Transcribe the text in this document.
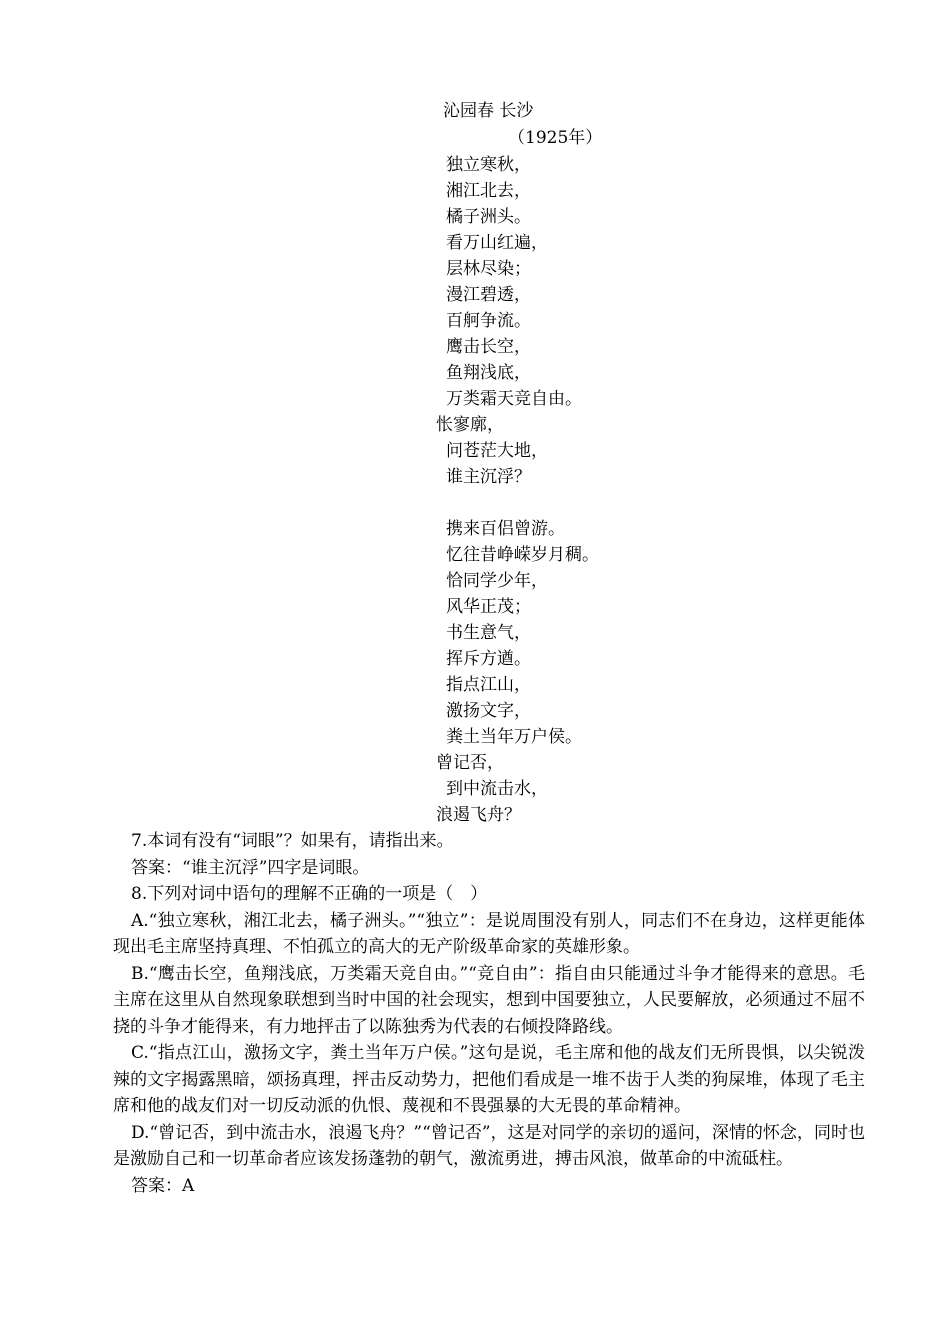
沁园春 长沙
（1925年）
独立寒秋，
湘江北去，
橘子洲头。
看万山红遍，
层林尽染；
漫江碧透，
百舸争流。
鹰击长空，
鱼翔浅底，
万类霜天竞自由。
怅寥廓，
问苍茫大地，
谁主沉浮？
携来百侣曾游。
忆往昔峥嵘岁月稠。
恰同学少年，
风华正茂；
书生意气，
挥斥方遒。
指点江山，
激扬文字，
粪土当年万户侯。
曾记否，
到中流击水，
浪遏飞舟？

7.本词有没有“词眼”？如果有，请指出来。

答案：“谁主沉浮”四字是词眼。

8.下列对词中语句的理解不正确的一项是（　）

A.“独立寒秋，湘江北去，橘子洲头。”“独立”：是说周围没有别人，同志们不在身边，这样更能体现出毛主席坚持真理、不怕孤立的高大的无产阶级革命家的英雄形象。

B.“鹰击长空，鱼翔浅底，万类霜天竞自由。”“竞自由”：指自由只能通过斗争才能得来的意思。毛主席在这里从自然现象联想到当时中国的社会现实，想到中国要独立，人民要解放，必须通过不屈不挠的斗争才能得来，有力地抨击了以陈独秀为代表的右倾投降路线。

C.“指点江山，激扬文字，粪土当年万户侯。”这句是说，毛主席和他的战友们无所畏惧，以尖锐泼辣的文字揭露黑暗，颂扬真理，抨击反动势力，把他们看成是一堆不齿于人类的狗屎堆，体现了毛主席和他的战友们对一切反动派的仇恨、蔑视和不畏强暴的大无畏的革命精神。

D.“曾记否，到中流击水，浪遏飞舟？”“曾记否”，这是对同学的亲切的遥问，深情的怀念，同时也是激励自己和一切革命者应该发扬蓬勃的朝气，激流勇进，搏击风浪，做革命的中流砥柱。

答案：A
